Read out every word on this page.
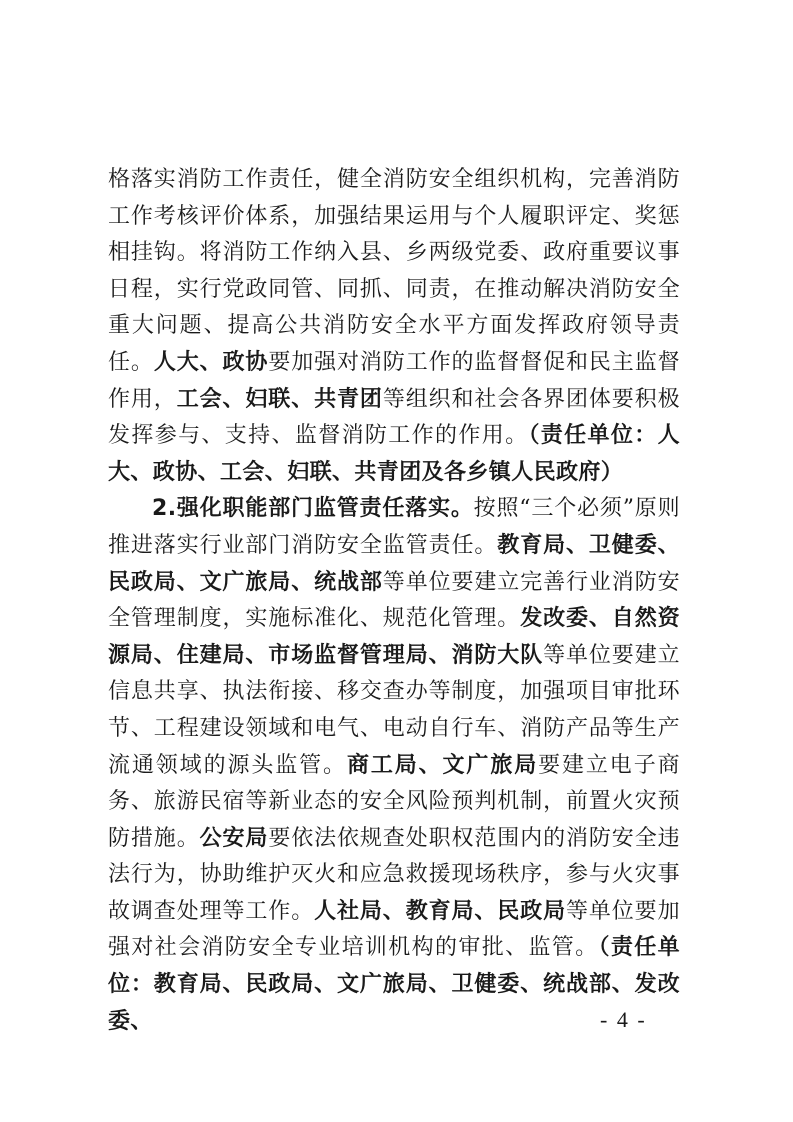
格落实消防工作责任，健全消防安全组织机构，完善消防工作考核评价体系，加强结果运用与个人履职评定、奖惩相挂钩。将消防工作纳入县、乡两级党委、政府重要议事日程，实行党政同管、同抓、同责，在推动解决消防安全重大问题、提高公共消防安全水平方面发挥政府领导责任。人大、政协要加强对消防工作的监督督促和民主监督作用，工会、妇联、共青团等组织和社会各界团体要积极发挥参与、支持、监督消防工作的作用。（责任单位：人大、政协、工会、妇联、共青团及各乡镇人民政府）

2.强化职能部门监管责任落实。按照“三个必须”原则推进落实行业部门消防安全监管责任。教育局、卫健委、民政局、文广旅局、统战部等单位要建立完善行业消防安全管理制度，实施标准化、规范化管理。发改委、自然资源局、住建局、市场监督管理局、消防大队等单位要建立信息共享、执法衔接、移交查办等制度，加强项目审批环节、工程建设领域和电气、电动自行车、消防产品等生产流通领域的源头监管。商工局、文广旅局要建立电子商务、旅游民宿等新业态的安全风险预判机制，前置火灾预防措施。公安局要依法依规查处职权范围内的消防安全违法行为，协助维护灭火和应急救援现场秩序，参与火灾事故调查处理等工作。人社局、教育局、民政局等单位要加强对社会消防安全专业培训机构的审批、监管。（责任单位：教育局、民政局、文广旅局、卫健委、统战部、发改委、	- 4 -
